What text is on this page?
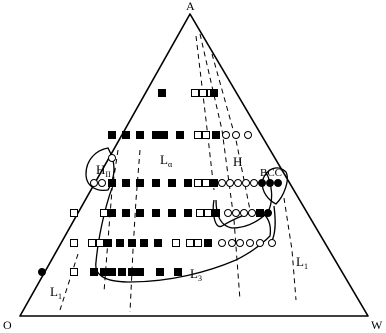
A
O	W
$H_{II}$
$L_\alpha$	H
BCC
$L_3$
$L_1$
$L_1$
